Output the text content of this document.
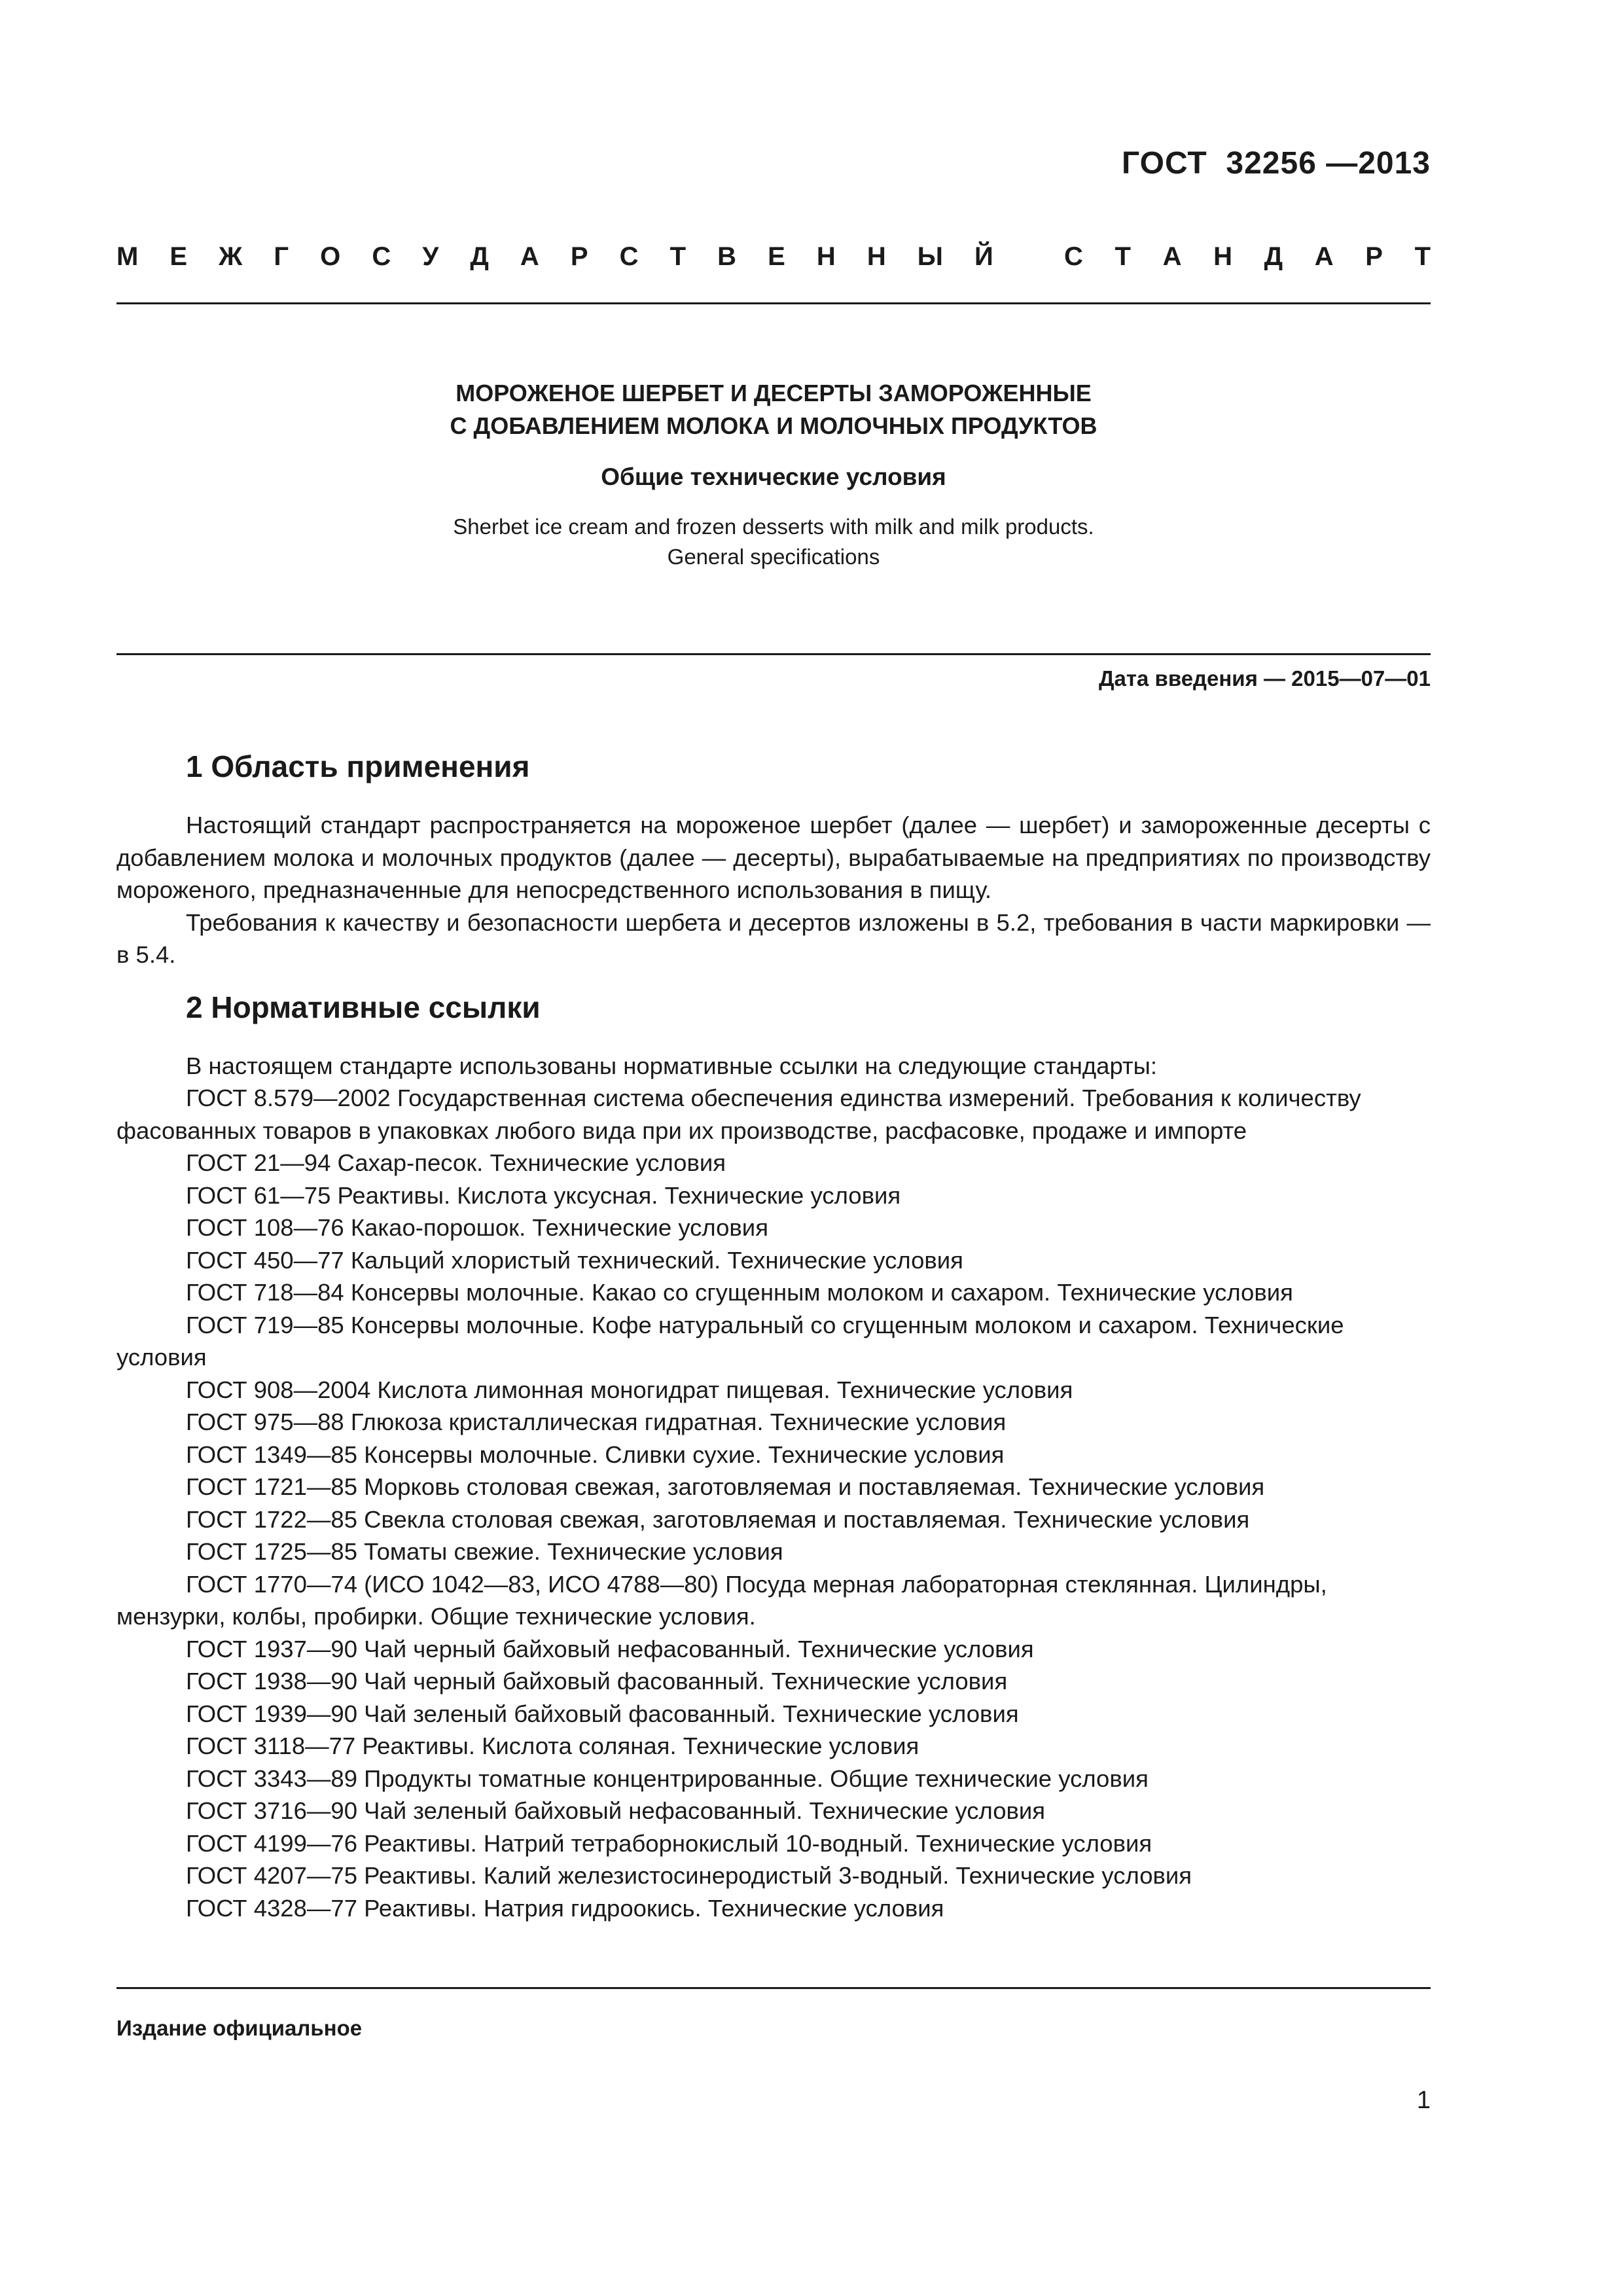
ГОСТ  32256 —2013
М Е Ж Г О С У Д А Р С Т В Е Н Н Ы Й	С Т А Н Д А Р Т
МОРОЖЕНОЕ ШЕРБЕТ И ДЕСЕРТЫ ЗАМОРОЖЕННЫЕ
С ДОБАВЛЕНИЕМ МОЛОКА И МОЛОЧНЫХ ПРОДУКТОВ
Общие технические условия
Sherbet ice cream and frozen desserts with milk and milk products.
General specifications
Дата введения — 2015—07—01
1 Область применения

Настоящий стандарт распространяется на мороженое шербет (далее — шербет) и замороженные десерты с добавлением молока и молочных продуктов (далее — десерты), вырабатываемые на предприятиях по производству мороженого, предназначенные для непосредственного использования в пищу.

Требования к качеству и безопасности шербета и десертов изложены в 5.2, требования в части маркировки — в 5.4.

2 Нормативные ссылки

В настоящем стандарте использованы нормативные ссылки на следующие стандарты:

ГОСТ 8.579—2002 Государственная система обеспечения единства измерений. Требования к количеству фасованных товаров в упаковках любого вида при их производстве, расфасовке, продаже и импорте

ГОСТ 21—94 Сахар-песок. Технические условия

ГОСТ 61—75 Реактивы. Кислота уксусная. Технические условия

ГОСТ 108—76 Какао-порошок. Технические условия

ГОСТ 450—77 Кальций хлористый технический. Технические условия

ГОСТ 718—84 Консервы молочные. Какао со сгущенным молоком и сахаром. Технические условия

ГОСТ 719—85 Консервы молочные. Кофе натуральный со сгущенным молоком и сахаром. Технические условия

ГОСТ 908—2004 Кислота лимонная моногидрат пищевая. Технические условия

ГОСТ 975—88 Глюкоза кристаллическая гидратная. Технические условия

ГОСТ 1349—85 Консервы молочные. Сливки сухие. Технические условия

ГОСТ 1721—85 Морковь столовая свежая, заготовляемая и поставляемая. Технические условия

ГОСТ 1722—85 Свекла столовая свежая, заготовляемая и поставляемая. Технические условия

ГОСТ 1725—85 Томаты свежие. Технические условия

ГОСТ 1770—74 (ИСО 1042—83, ИСО 4788—80) Посуда мерная лабораторная стеклянная. Цилиндры, мензурки, колбы, пробирки. Общие технические условия.

ГОСТ 1937—90 Чай черный байховый нефасованный. Технические условия

ГОСТ 1938—90 Чай черный байховый фасованный. Технические условия

ГОСТ 1939—90 Чай зеленый байховый фасованный. Технические условия

ГОСТ 3118—77 Реактивы. Кислота соляная. Технические условия

ГОСТ 3343—89 Продукты томатные концентрированные. Общие технические условия

ГОСТ 3716—90 Чай зеленый байховый нефасованный. Технические условия

ГОСТ 4199—76 Реактивы. Натрий тетраборнокислый 10-водный. Технические условия

ГОСТ 4207—75 Реактивы. Калий железистосинеродистый 3-водный. Технические условия

ГОСТ 4328—77 Реактивы. Натрия гидроокись. Технические условия

Издание официальное
1
